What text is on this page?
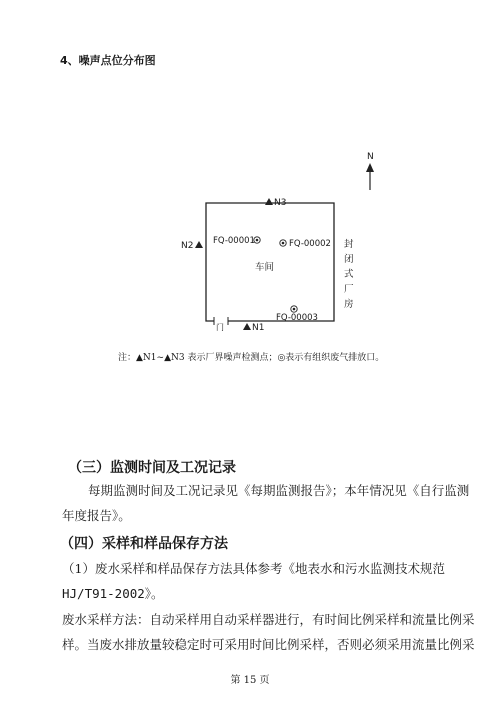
4、噪声点位分布图
N
门
N3
N2
N1
FQ-00001	FQ-00002
FQ-00003
车间
封
闭
式
厂
房
注：▲N1~▲N3 表示厂界噪声检测点；◎表示有组织废气排放口。
（三）监测时间及工况记录
每期监测时间及工况记录见《每期监测报告》；本年情况见《自行监测
年度报告》。
（四）采样和样品保存方法
（1）废水采样和样品保存方法具体参考《地表水和污水监测技术规范
HJ/T91-2002》。
废水采样方法：自动采样用自动采样器进行，有时间比例采样和流量比例采
样。当废水排放量较稳定时可采用时间比例采样，否则必须采用流量比例采
第 15 页
